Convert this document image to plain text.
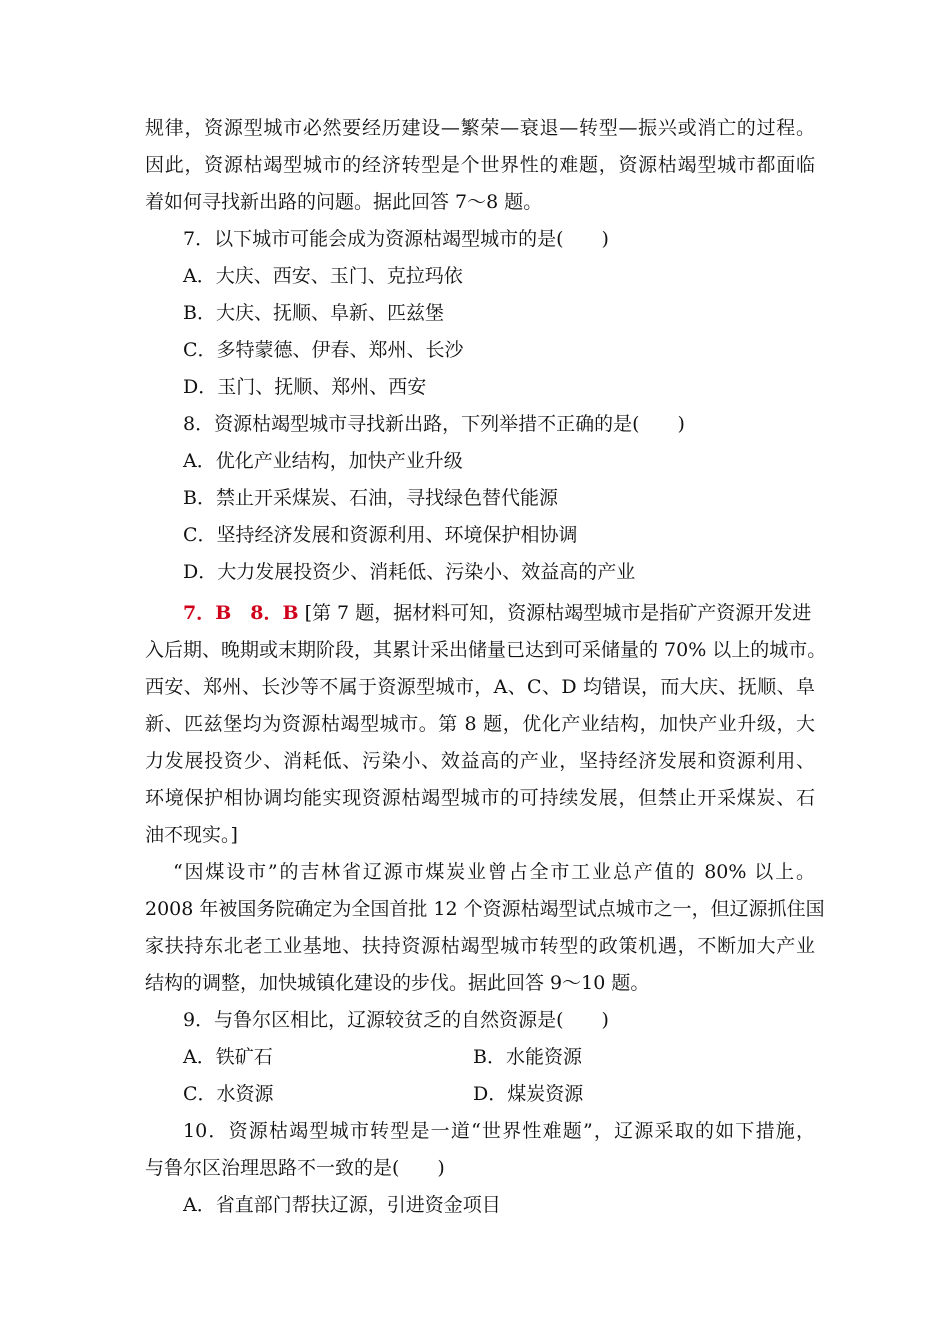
规律，资源型城市必然要经历建设—繁荣—衰退—转型—振兴或消亡的过程。
因此，资源枯竭型城市的经济转型是个世界性的难题，资源枯竭型城市都面临
着如何寻找新出路的问题。据此回答 7～8 题。
7．以下城市可能会成为资源枯竭型城市的是(　　)
A．大庆、西安、玉门、克拉玛依
B．大庆、抚顺、阜新、匹兹堡
C．多特蒙德、伊春、郑州、长沙
D．玉门、抚顺、郑州、西安
8．资源枯竭型城市寻找新出路，下列举措不正确的是(　　)
A．优化产业结构，加快产业升级
B．禁止开采煤炭、石油，寻找绿色替代能源
C．坚持经济发展和资源利用、环境保护相协调
D．大力发展投资少、消耗低、污染小、效益高的产业
7．B　8．B [第 7 题，据材料可知，资源枯竭型城市是指矿产资源开发进
入后期、晚期或末期阶段，其累计采出储量已达到可采储量的 70% 以上的城市。
西安、郑州、长沙等不属于资源型城市，A、C、D 均错误，而大庆、抚顺、阜
新、匹兹堡均为资源枯竭型城市。第 8 题，优化产业结构，加快产业升级，大
力发展投资少、消耗低、污染小、效益高的产业，坚持经济发展和资源利用、
环境保护相协调均能实现资源枯竭型城市的可持续发展，但禁止开采煤炭、石
油不现实。]
“因煤设市”的吉林省辽源市煤炭业曾占全市工业总产值的 80% 以上。
2008 年被国务院确定为全国首批 12 个资源枯竭型试点城市之一，但辽源抓住国
家扶持东北老工业基地、扶持资源枯竭型城市转型的政策机遇，不断加大产业
结构的调整，加快城镇化建设的步伐。据此回答 9～10 题。
9．与鲁尔区相比，辽源较贫乏的自然资源是(　　)
A．铁矿石	B．水能资源
C．水资源	D．煤炭资源
10．资源枯竭型城市转型是一道“世界性难题”，辽源采取的如下措施，
与鲁尔区治理思路不一致的是(　　)
A．省直部门帮扶辽源，引进资金项目
